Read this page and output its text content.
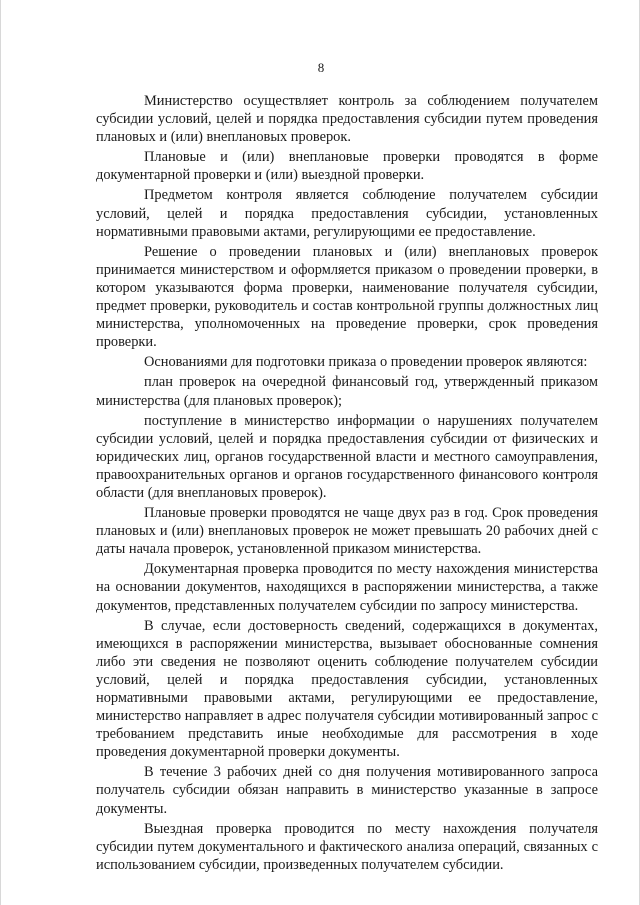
8

Министерство осуществляет контроль за соблюдением получателем субсидии условий, целей и порядка предоставления субсидии путем проведения плановых и (или) внеплановых проверок.

Плановые и (или) внеплановые проверки проводятся в форме документарной проверки и (или) выездной проверки.

Предметом контроля является соблюдение получателем субсидии условий, целей и порядка предоставления субсидии, установленных нормативными правовыми актами, регулирующими ее предоставление.

Решение о проведении плановых и (или) внеплановых проверок принимается министерством и оформляется приказом о проведении проверки, в котором указываются форма проверки, наименование получателя субсидии, предмет проверки, руководитель и состав контрольной группы должностных лиц министерства, уполномоченных на проведение проверки, срок проведения проверки.

Основаниями для подготовки приказа о проведении проверок являются:

план проверок на очередной финансовый год, утвержденный приказом министерства (для плановых проверок);

поступление в министерство информации о нарушениях получателем субсидии условий, целей и порядка предоставления субсидии от физических и юридических лиц, органов государственной власти и местного самоуправления, правоохранительных органов и органов государственного финансового контроля области (для внеплановых проверок).

Плановые проверки проводятся не чаще двух раз в год. Срок проведения плановых и (или) внеплановых проверок не может превышать 20 рабочих дней с даты начала проверок, установленной приказом министерства.

Документарная проверка проводится по месту нахождения министерства на основании документов, находящихся в распоряжении министерства, а также документов, представленных получателем субсидии по запросу министерства.

В случае, если достоверность сведений, содержащихся в документах, имеющихся в распоряжении министерства, вызывает обоснованные сомнения либо эти сведения не позволяют оценить соблюдение получателем субсидии условий, целей и порядка предоставления субсидии, установленных нормативными правовыми актами, регулирующими ее предоставление, министерство направляет в адрес получателя субсидии мотивированный запрос с требованием представить иные необходимые для рассмотрения в ходе проведения документарной проверки документы.

В течение 3 рабочих дней со дня получения мотивированного запроса получатель субсидии обязан направить в министерство указанные в запросе документы.

Выездная проверка проводится по месту нахождения получателя субсидии путем документального и фактического анализа операций, связанных с использованием субсидии, произведенных получателем субсидии.
